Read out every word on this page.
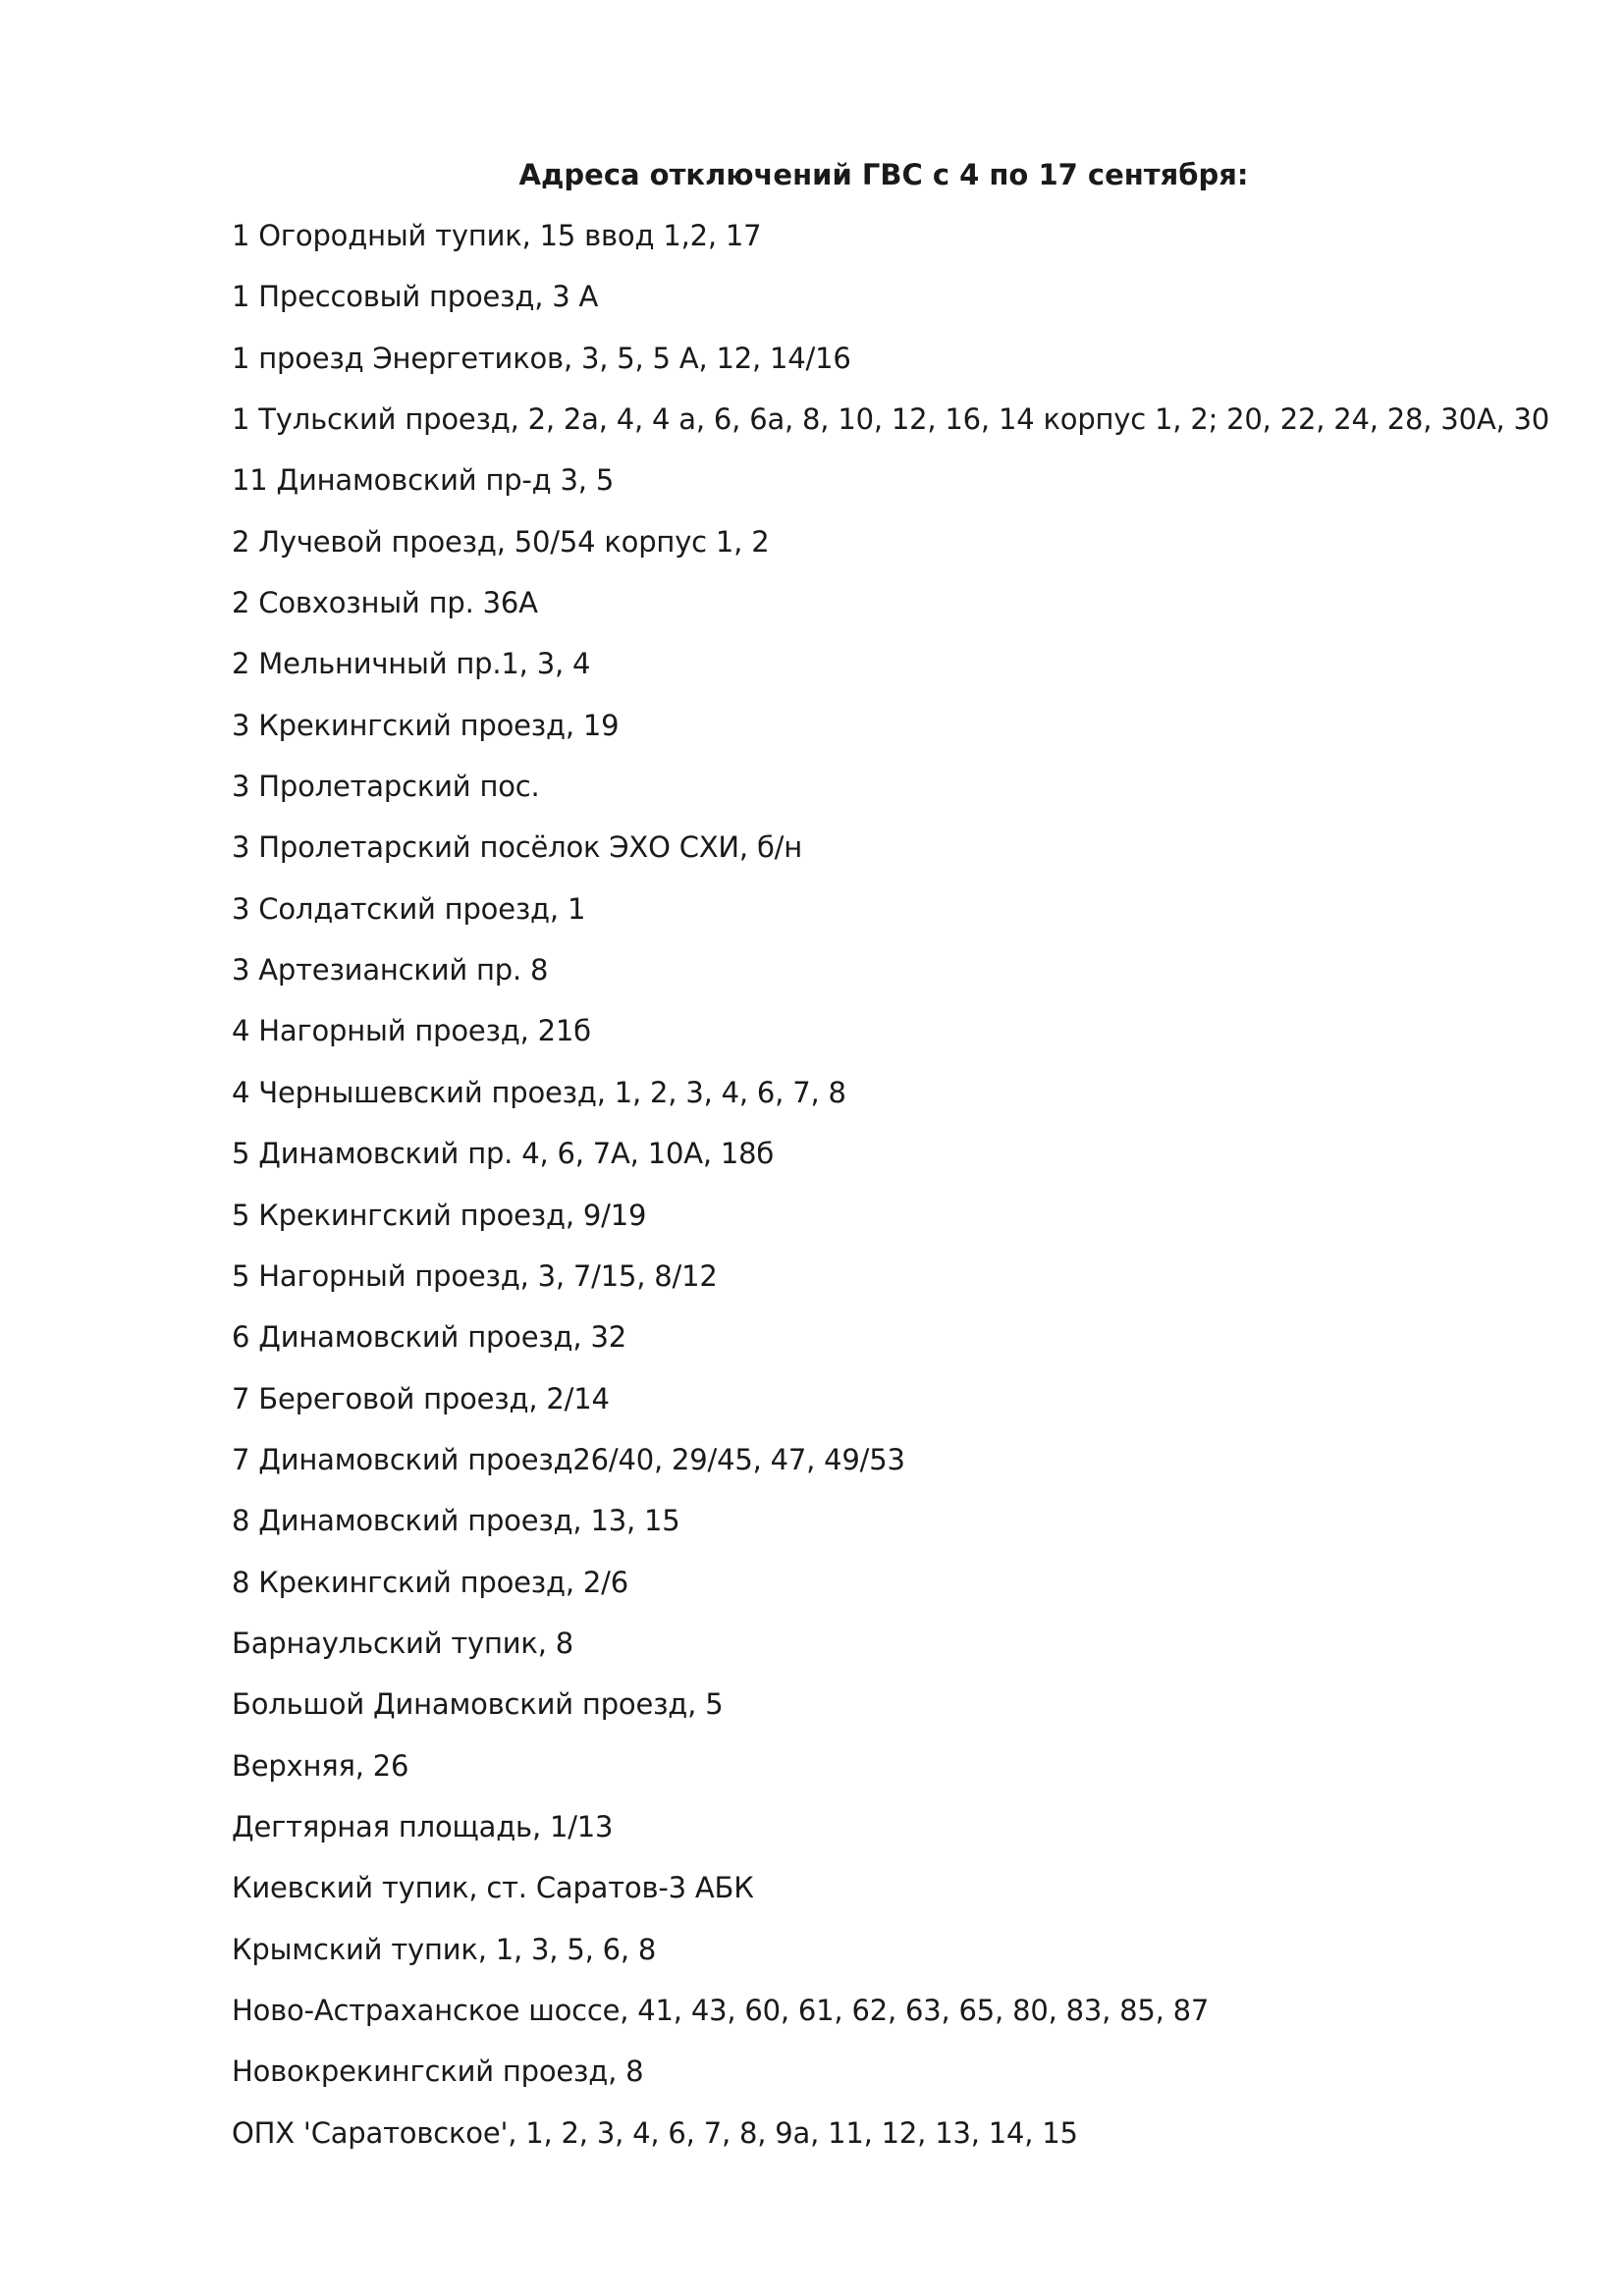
Адреса отключений ГВС с 4 по 17 сентября:
1 Огородный тупик, 15 ввод 1,2, 17
1 Прессовый проезд, 3 А
1 проезд Энергетиков, 3, 5, 5 А, 12, 14/16
1 Тульский проезд, 2, 2а, 4, 4 а, 6, 6а, 8, 10, 12, 16, 14 корпус 1, 2; 20, 22, 24, 28, 30А, 30
11 Динамовский пр-д 3, 5
2 Лучевой проезд, 50/54 корпус 1, 2
2 Совхозный пр. 36А
2 Мельничный пр.1, 3, 4
3 Крекингский проезд, 19
3 Пролетарский пос.
3 Пролетарский посёлок ЭХО СХИ, б/н
3 Солдатский проезд, 1
3 Артезианский пр. 8
4 Нагорный проезд, 21б
4 Чернышевский проезд, 1, 2, 3, 4, 6, 7, 8
5 Динамовский пр. 4, 6, 7А, 10А, 18б
5 Крекингский проезд, 9/19
5 Нагорный проезд, 3, 7/15, 8/12
6 Динамовский проезд, 32
7 Береговой проезд, 2/14
7 Динамовский проезд26/40, 29/45, 47, 49/53
8 Динамовский проезд, 13, 15
8 Крекингский проезд, 2/6
Барнаульский тупик, 8
Большой Динамовский проезд, 5
Верхняя, 26
Дегтярная площадь, 1/13
Киевский тупик, ст. Саратов-3 АБК
Крымский тупик, 1, 3, 5, 6, 8
Ново-Астраханское шоссе, 41, 43, 60, 61, 62, 63, 65, 80, 83, 85, 87
Новокрекингский проезд, 8
ОПХ 'Саратовское', 1, 2, 3, 4, 6, 7, 8, 9а, 11, 12, 13, 14, 15
